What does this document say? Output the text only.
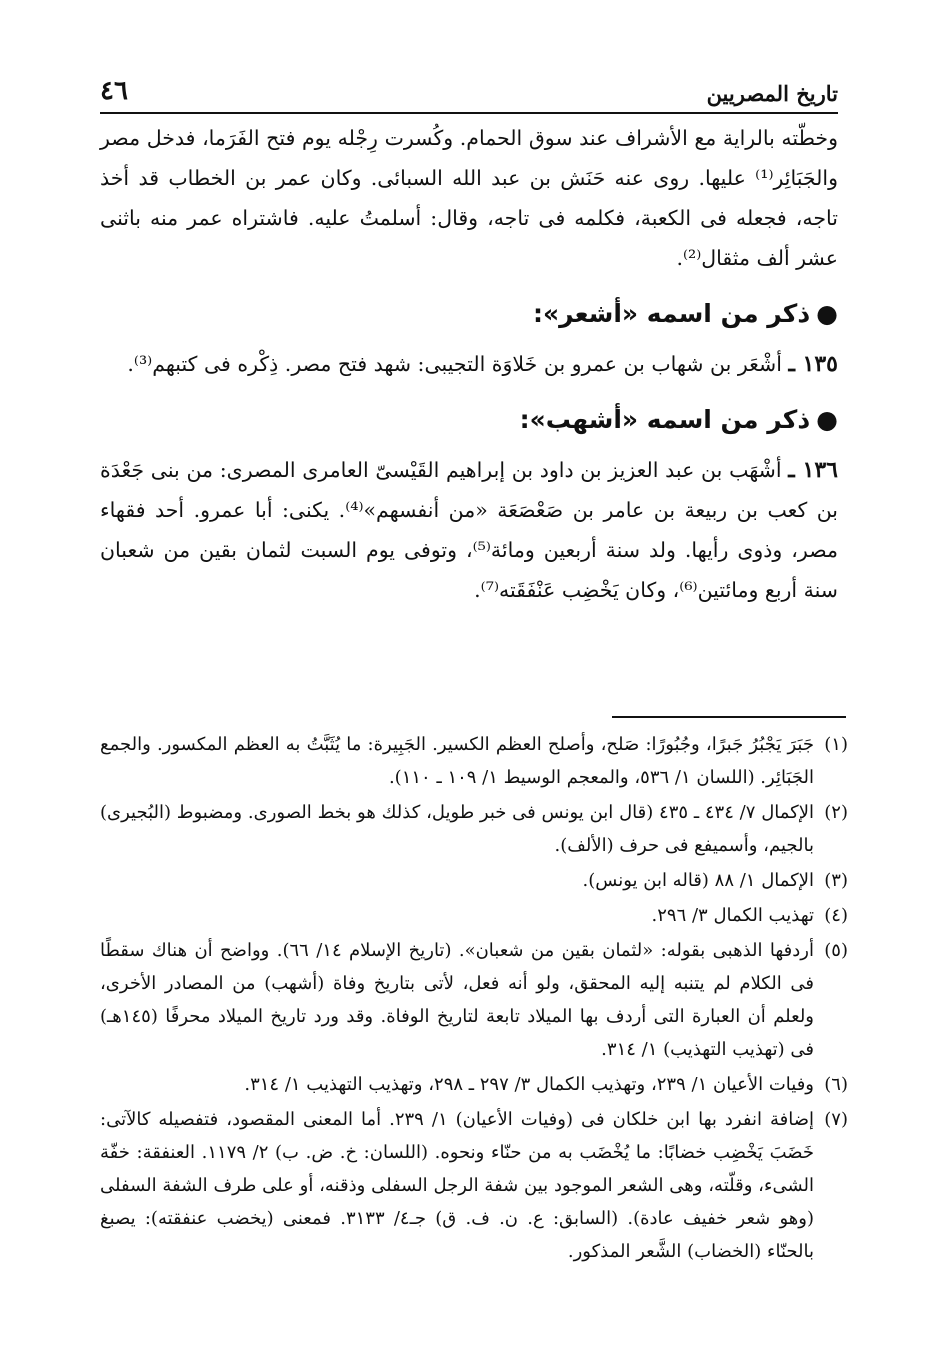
تاريخ المصريين
٤٦

وخطّته بالراية مع الأشراف عند سوق الحمام. وكُسرت رِجْله يوم فتح الفَرَما، فدخل مصر والجَبَائِر⁽¹⁾ عليها. روى عنه حَنَش بن عبد الله السبائى. وكان عمر بن الخطاب قد أخذ تاجه، فجعله فى الكعبة، فكلمه فى تاجه، وقال: أسلمتُ عليه. فاشتراه عمر منه باثنى عشر ألف مثقال⁽²⁾.

●ذكر من اسمه «أشعر»:

١٣٥ ـ أشْعَر بن شهاب بن عمرو بن خَلاوَة التجيبى: شهد فتح مصر. ذِكْره فى كتبهم⁽³⁾.

●ذكر من اسمه «أشهب»:

١٣٦ ـ أشْهَب بن عبد العزيز بن داود بن إبراهيم القَيْسىّ العامرى المصرى: من بنى جَعْدَة بن كعب بن ربيعة بن عامر بن صَعْصَعَة «من أنفسهم»⁽⁴⁾. يكنى: أبا عمرو. أحد فقهاء مصر، وذوى رأيها. ولد سنة أربعين ومائة⁽⁵⁾، وتوفى يوم السبت لثمان بقين من شعبان سنة أربع ومائتين⁽⁶⁾، وكان يَخْضِب عَنْفَقَته⁽⁷⁾.

(١)جَبَرَ يَجْبُرُ جَبرًا، وجُبُورًا: صَلح، وأصلح العظم الكسير. الجَبِيرة: ما يُثَبَّتُ به العظم المكسور. والجمع الجَبَائِر. (اللسان ١/ ٥٣٦، والمعجم الوسيط ١/ ١٠٩ ـ ١١٠).

(٢)الإكمال ٧/ ٤٣٤ ـ ٤٣٥ (قال ابن يونس فى خبر طويل، كذلك هو بخط الصورى. ومضبوط (البُجيرى) بالجيم، وأسميفع فى حرف (الألف).

(٣)الإكمال ١/ ٨٨ (قاله ابن يونس).

(٤)تهذيب الكمال ٣/ ٢٩٦.

(٥)أردفها الذهبى بقوله: «لثمان بقين من شعبان». (تاريخ الإسلام ١٤/ ٦٦). وواضح أن هناك سقطًا فى الكلام لم يتنبه إليه المحقق، ولو أنه فعل، لأتى بتاريخ وفاة (أشهب) من المصادر الأخرى، ولعلم أن العبارة التى أردف بها الميلاد تابعة لتاريخ الوفاة. وقد ورد تاريخ الميلاد محرفًا (١٤٥هـ) فى (تهذيب التهذيب) ١/ ٣١٤.

(٦)وفيات الأعيان ١/ ٢٣٩، وتهذيب الكمال ٣/ ٢٩٧ ـ ٢٩٨، وتهذيب التهذيب ١/ ٣١٤.

(٧)إضافة انفرد بها ابن خلكان فى (وفيات الأعيان) ١/ ٢٣٩. أما المعنى المقصود، فتفصيله كالآتى: خَضَبَ يَخْضِب خضابًا: ما يُخْضَب به من حنّاء ونحوه. (اللسان: خ. ض. ب) ٢/ ١١٧٩. العنفقة: خفّة الشىء، وقلّته، وهى الشعر الموجود بين شفة الرجل السفلى وذقنه، أو على طرف الشفة السفلى (وهو شعر خفيف عادة). (السابق: ع. ن. ف. ق) جـ٤/ ٣١٣٣. فمعنى (يخضب عنفقته): يصبغ بالحنّاء (الخضاب) الشَّعر المذكور.
